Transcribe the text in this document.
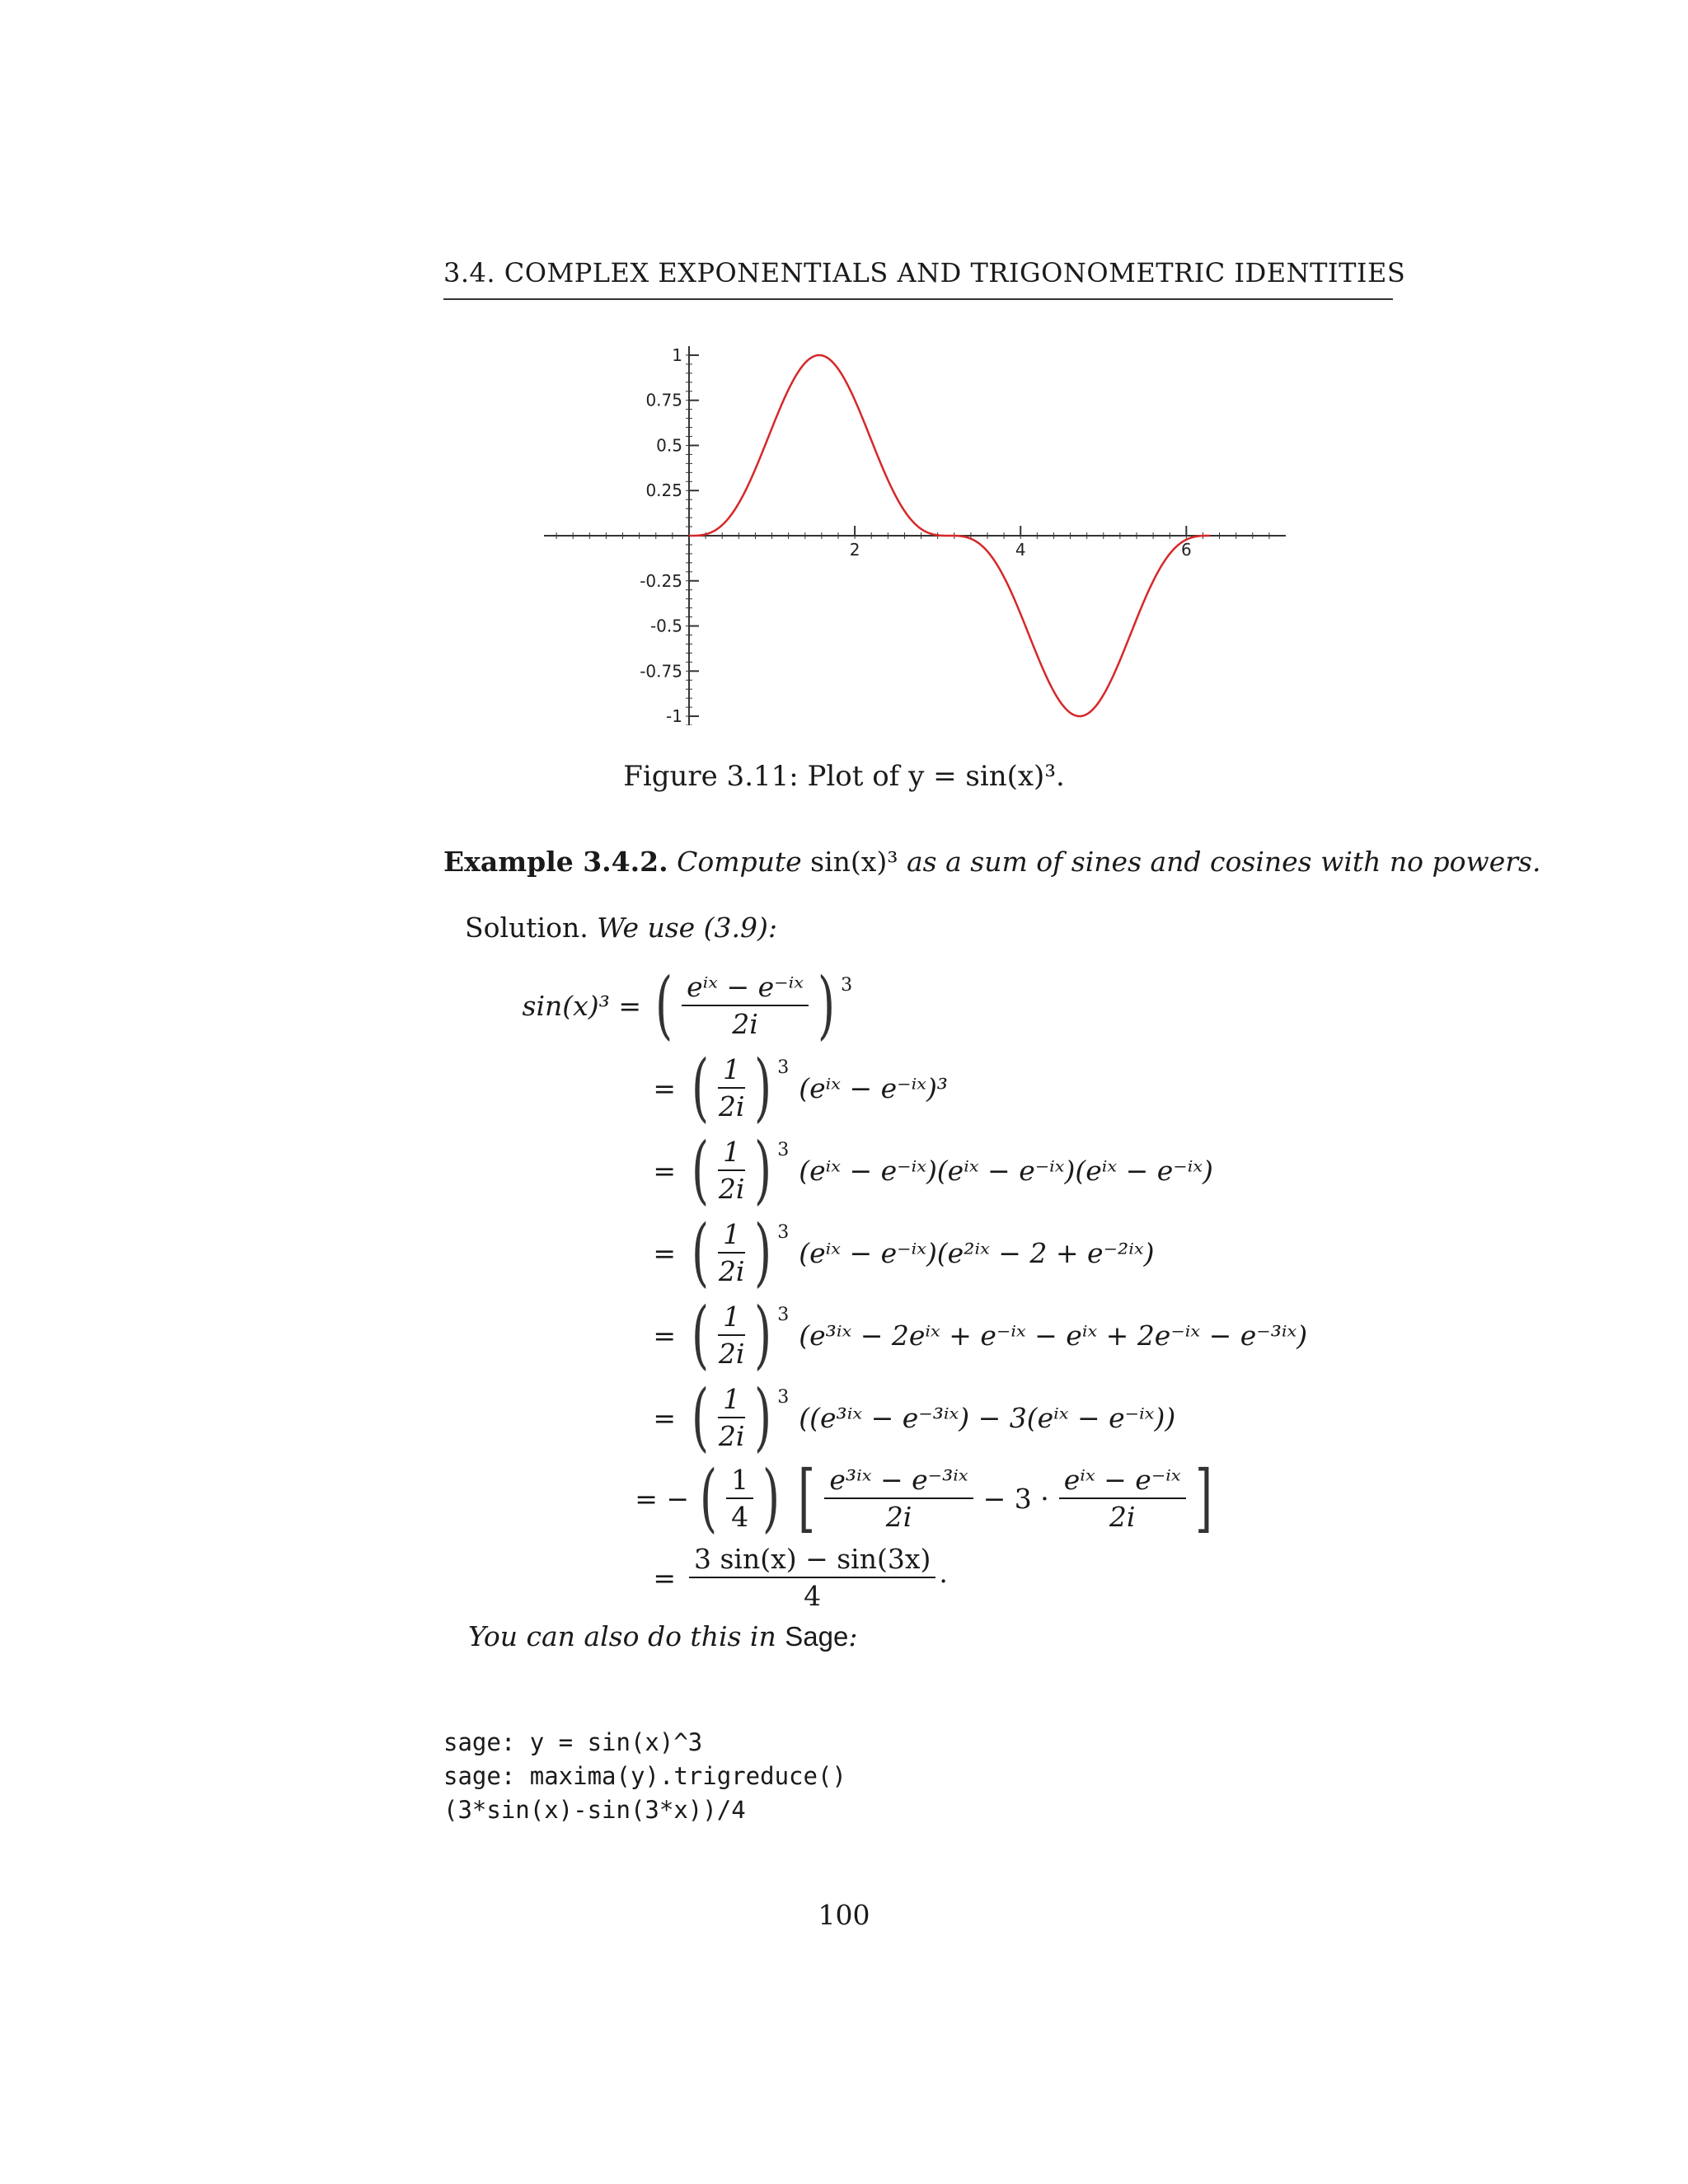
3.4. COMPLEX EXPONENTIALS AND TRIGONOMETRIC IDENTITIES
1
0.75
0.5
0.25
-0.25
-0.5
-0.75
-1
2	4	6
Figure 3.11: Plot of y = sin(x)³.
Example 3.4.2. Compute sin(x)³ as a sum of sines and cosines with no powers.
Solution. We use (3.9):
sin(x)³ = ( $\frac{\text{eⁱˣ − e⁻ⁱˣ}}{2i}$ ) $^3$
= ( $\frac{1}{2i}$ ) $^3$
(eⁱˣ − e⁻ⁱˣ)³
= ( $\frac{1}{2i}$ ) $^3$
(eⁱˣ − e⁻ⁱˣ)(eⁱˣ − e⁻ⁱˣ)(eⁱˣ − e⁻ⁱˣ)
= ( $\frac{1}{2i}$ ) $^3$
(eⁱˣ − e⁻ⁱˣ)(e²ⁱˣ − 2 + e⁻²ⁱˣ)
= ( $\frac{1}{2i}$ ) $^3$
(e³ⁱˣ − 2eⁱˣ + e⁻ⁱˣ − eⁱˣ + 2e⁻ⁱˣ − e⁻³ⁱˣ)
= ( $\frac{1}{2i}$ ) $^3$
((e³ⁱˣ − e⁻³ⁱˣ) − 3(eⁱˣ − e⁻ⁱˣ))
= − ( $\frac{1}{4}$ ) [ $\frac{\text{e³ⁱˣ − e⁻³ⁱˣ}}{2i} - 3 \cdot \frac{\text{eⁱˣ − e⁻ⁱˣ}}{2i}$ ]
= $\frac{3 \sin(x) - \sin(3x)}{4}$ .
You can also do this in Sage:
sage: y = sin(x)^3
sage: maxima(y).trigreduce()
(3*sin(x)-sin(3*x))/4
100
